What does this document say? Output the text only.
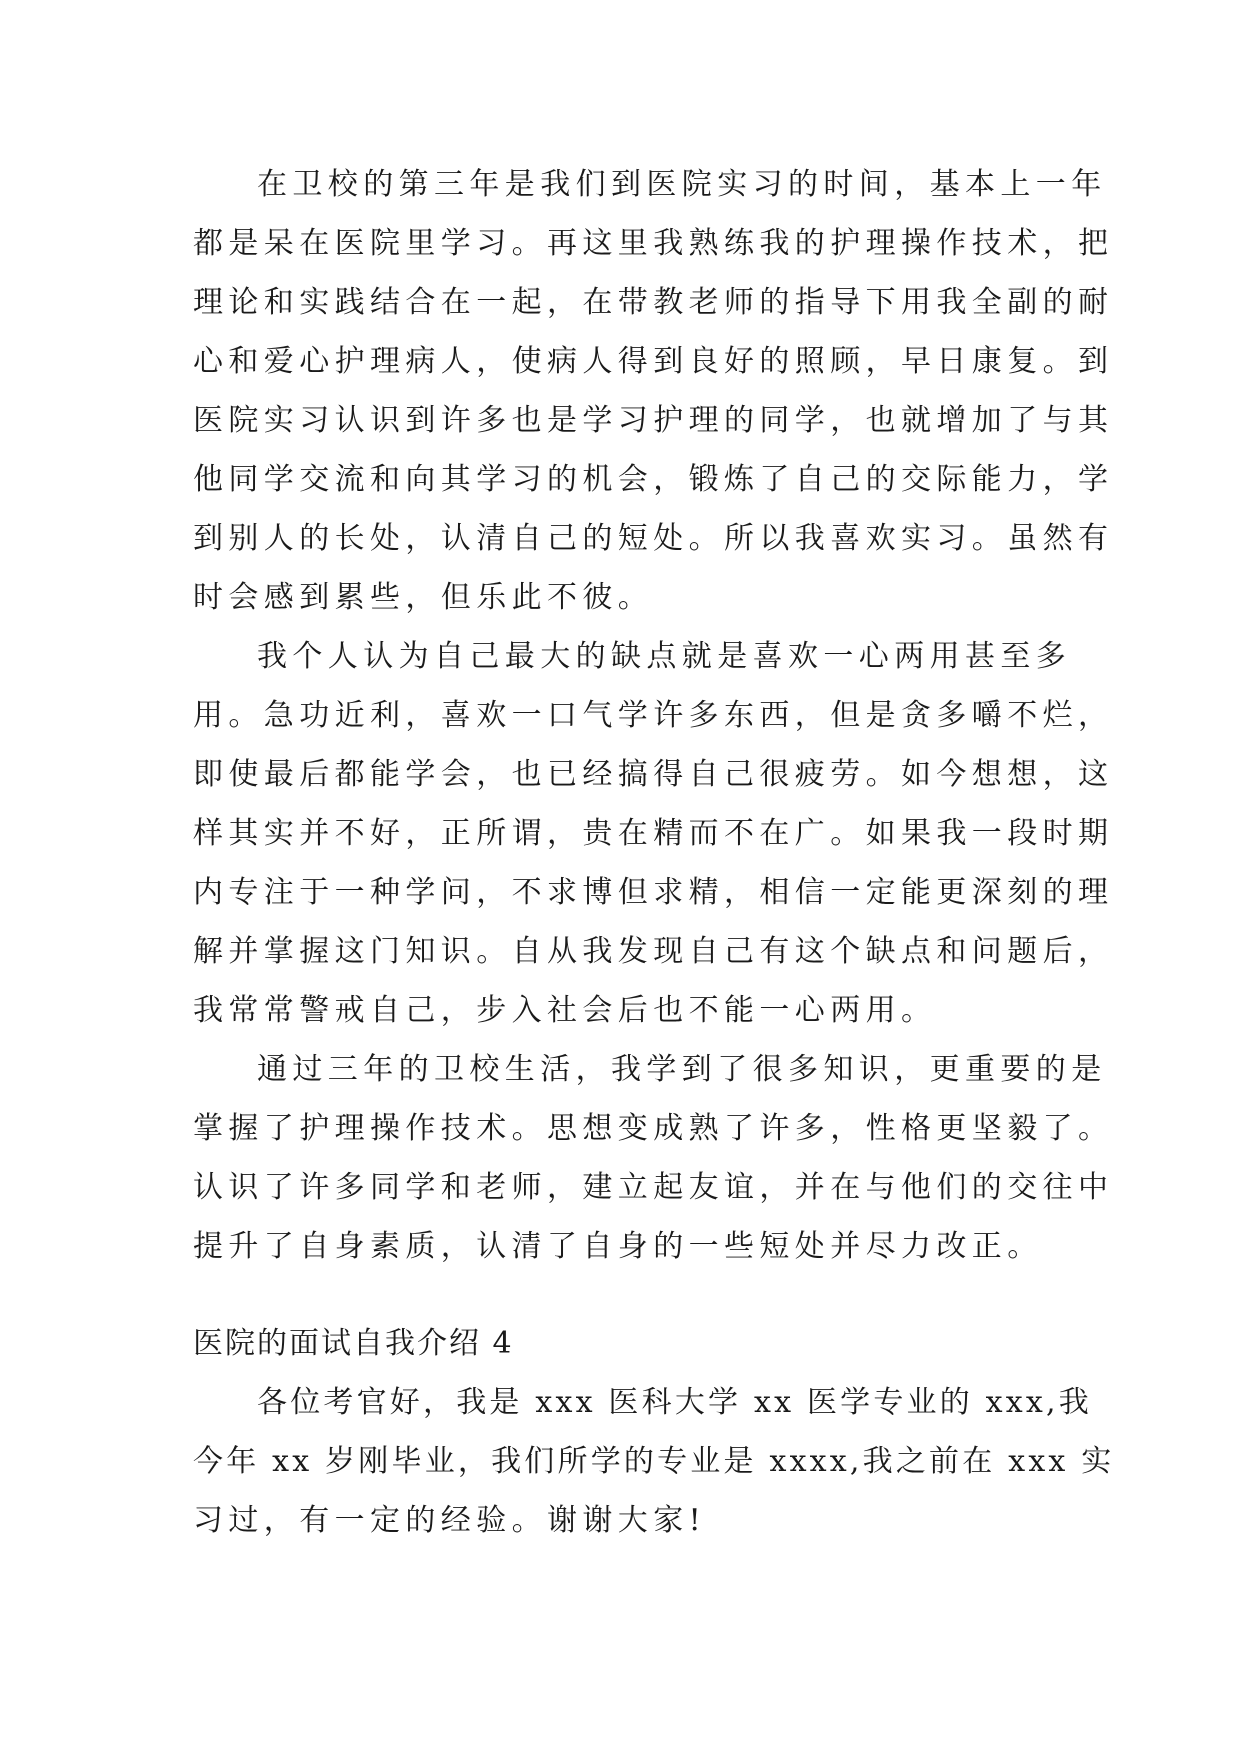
在卫校的第三年是我们到医院实习的时间，基本上一年
都是呆在医院里学习。再这里我熟练我的护理操作技术，把
理论和实践结合在一起，在带教老师的指导下用我全副的耐
心和爱心护理病人，使病人得到良好的照顾，早日康复。到
医院实习认识到许多也是学习护理的同学，也就增加了与其
他同学交流和向其学习的机会，锻炼了自己的交际能力，学
到别人的长处，认清自己的短处。所以我喜欢实习。虽然有
时会感到累些，但乐此不彼。
我个人认为自己最大的缺点就是喜欢一心两用甚至多
用。急功近利，喜欢一口气学许多东西，但是贪多嚼不烂，
即使最后都能学会，也已经搞得自己很疲劳。如今想想，这
样其实并不好，正所谓，贵在精而不在广。如果我一段时期
内专注于一种学问，不求博但求精，相信一定能更深刻的理
解并掌握这门知识。自从我发现自己有这个缺点和问题后，
我常常警戒自己，步入社会后也不能一心两用。
通过三年的卫校生活，我学到了很多知识，更重要的是
掌握了护理操作技术。思想变成熟了许多，性格更坚毅了。
认识了许多同学和老师，建立起友谊，并在与他们的交往中
提升了自身素质，认清了自身的一些短处并尽力改正。
医院的面试自我介绍 4
各位考官好，我是 xxx 医科大学 xx 医学专业的 xxx,我
今年 xx 岁刚毕业，我们所学的专业是 xxxx,我之前在 xxx 实
习过，有一定的经验。谢谢大家!
